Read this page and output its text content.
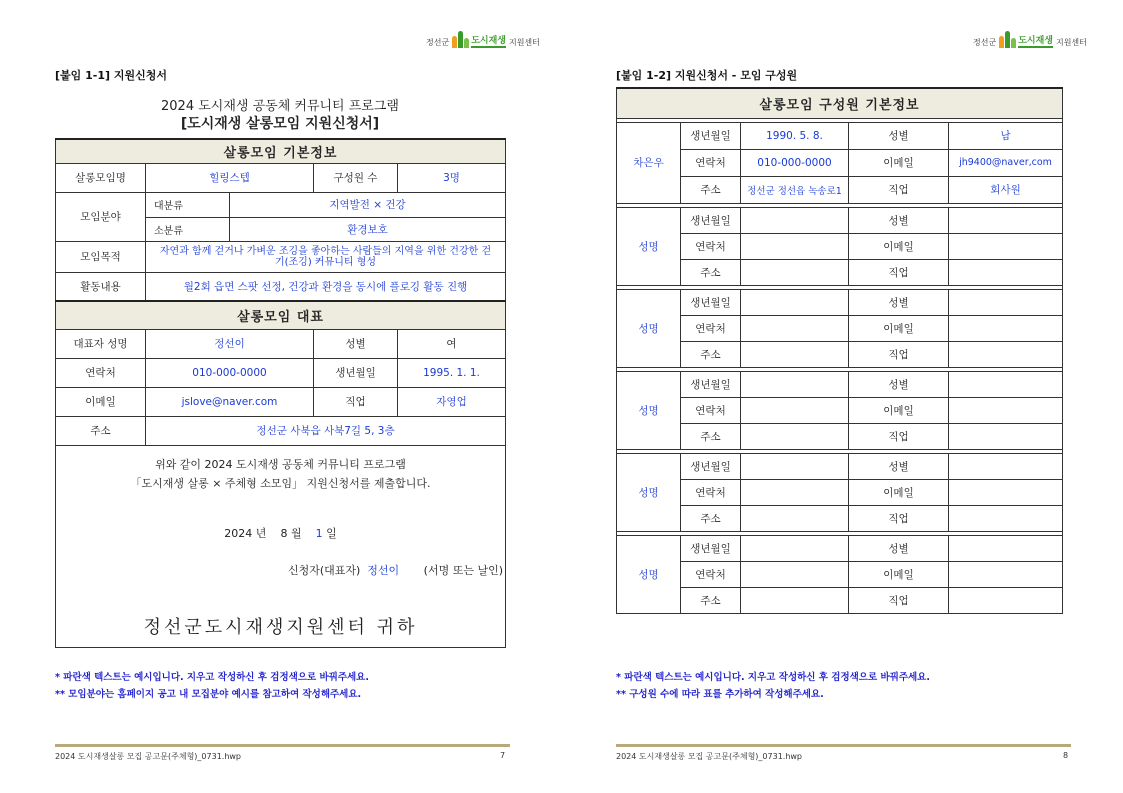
정선군 도시재생 지원센터
[붙임 1-1] 지원신청서
2024 도시재생 공동체 커뮤니티 프로그램
[도시재생 살롱모임 지원신청서]
살롱모임 기본정보				
살롱모임명	힐링스텝		구성원 수	3명
모임분야	대분류	지역발전 × 건강		
	소분류	환경보호		
모임목적	자연과 함께 걷거나 가벼운 조깅을 좋아하는 사람들의 지역을 위한 건강한 걷기(조깅) 커뮤니티 형성			
활동내용	월2회 읍면 스팟 선정, 건강과 환경을 동시에 플로깅 활동 진행			
살롱모임 대표				
대표자 성명	정선이		성별	여
연락처	010-000-0000		생년월일	1995. 1. 1.
이메일	jslove@naver.com		직업	자영업
주소	정선군 사북읍 사북7길 5, 3층			

위와 같이 2024 도시재생 공동체 커뮤니티 프로그램
「도시재생 살롱 × 주체형 소모임」 지원신청서를 제출합니다.
2024 년 8 월 1 일
신청자(대표자) 정선이 (서명 또는 날인)
정선군도시재생지원센터 귀하				
* 파란색 텍스트는 예시입니다. 지우고 작성하신 후 검정색으로 바꿔주세요.
** 모임분야는 홈페이지 공고 내 모집분야 예시를 참고하여 작성해주세요.
2024 도시재생살롱 모집 공고문(주체형)_0731.hwp	7
정선군 도시재생 지원센터
[붙임 1-2] 지원신청서 - 모임 구성원
살롱모임 구성원 기본정보				

차은우	생년월일	1990. 5. 8.	성별	남
	연락처	010-000-0000	이메일	jh9400@naver,com
	주소	정선군 정선읍 녹송로1	직업	회사원

성명	생년월일		성별	
	연락처		이메일	
	주소		직업	

성명	생년월일		성별	
	연락처		이메일	
	주소		직업	

성명	생년월일		성별	
	연락처		이메일	
	주소		직업	

성명	생년월일		성별	
	연락처		이메일	
	주소		직업	

성명	생년월일		성별	
	연락처		이메일	
	주소		직업	
* 파란색 텍스트는 예시입니다. 지우고 작성하신 후 검정색으로 바꿔주세요.
** 구성원 수에 따라 표를 추가하여 작성해주세요.
2024 도시재생살롱 모집 공고문(주체형)_0731.hwp	8
